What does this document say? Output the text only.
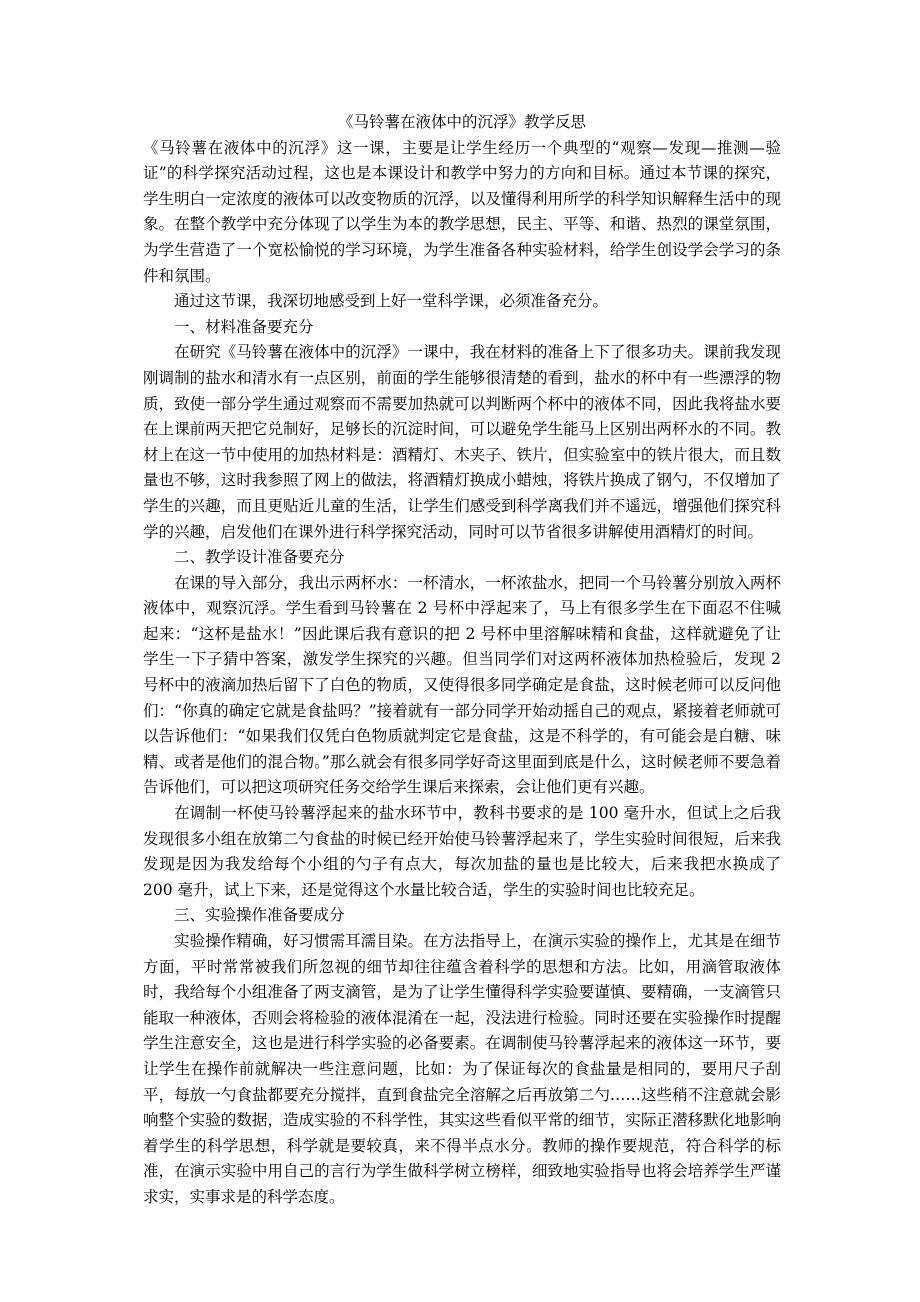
《马铃薯在液体中的沉浮》教学反思

《马铃薯在液体中的沉浮》这一课，主要是让学生经历一个典型的“观察—发现—推测—验证”的科学探究活动过程，这也是本课设计和教学中努力的方向和目标。通过本节课的探究，学生明白一定浓度的液体可以改变物质的沉浮，以及懂得利用所学的科学知识解释生活中的现象。在整个教学中充分体现了以学生为本的教学思想，民主、平等、和谐、热烈的课堂氛围，为学生营造了一个宽松愉悦的学习环境，为学生准备各种实验材料，给学生创设学会学习的条件和氛围。

通过这节课，我深切地感受到上好一堂科学课，必须准备充分。

一、材料准备要充分

在研究《马铃薯在液体中的沉浮》一课中，我在材料的准备上下了很多功夫。课前我发现刚调制的盐水和清水有一点区别，前面的学生能够很清楚的看到，盐水的杯中有一些漂浮的物质，致使一部分学生通过观察而不需要加热就可以判断两个杯中的液体不同，因此我将盐水要在上课前两天把它兑制好，足够长的沉淀时间，可以避免学生能马上区别出两杯水的不同。教材上在这一节中使用的加热材料是：酒精灯、木夹子、铁片，但实验室中的铁片很大，而且数量也不够，这时我参照了网上的做法，将酒精灯换成小蜡烛，将铁片换成了钢勺，不仅增加了学生的兴趣，而且更贴近儿童的生活，让学生们感受到科学离我们并不遥远，增强他们探究科学的兴趣，启发他们在课外进行科学探究活动，同时可以节省很多讲解使用酒精灯的时间。

二、教学设计准备要充分

在课的导入部分，我出示两杯水：一杯清水，一杯浓盐水，把同一个马铃薯分别放入两杯液体中，观察沉浮。学生看到马铃薯在 2 号杯中浮起来了，马上有很多学生在下面忍不住喊起来：“这杯是盐水！”因此课后我有意识的把 2 号杯中里溶解味精和食盐，这样就避免了让学生一下子猜中答案，激发学生探究的兴趣。但当同学们对这两杯液体加热检验后，发现 2 号杯中的液滴加热后留下了白色的物质，又使得很多同学确定是食盐，这时候老师可以反问他们：“你真的确定它就是食盐吗？”接着就有一部分同学开始动摇自己的观点，紧接着老师就可以告诉他们：“如果我们仅凭白色物质就判定它是食盐，这是不科学的，有可能会是白糖、味精、或者是他们的混合物。”那么就会有很多同学好奇这里面到底是什么，这时候老师不要急着告诉他们，可以把这项研究任务交给学生课后来探索，会让他们更有兴趣。

在调制一杯使马铃薯浮起来的盐水环节中，教科书要求的是 100 毫升水，但试上之后我发现很多小组在放第二勺食盐的时候已经开始使马铃薯浮起来了，学生实验时间很短，后来我发现是因为我发给每个小组的勺子有点大，每次加盐的量也是比较大，后来我把水换成了 200 毫升，试上下来，还是觉得这个水量比较合适，学生的实验时间也比较充足。

三、实验操作准备要成分

实验操作精确，好习惯需耳濡目染。在方法指导上，在演示实验的操作上，尤其是在细节方面，平时常常被我们所忽视的细节却往往蕴含着科学的思想和方法。比如，用滴管取液体时，我给每个小组准备了两支滴管，是为了让学生懂得科学实验要谨慎、要精确，一支滴管只能取一种液体，否则会将检验的液体混淆在一起，没法进行检验。同时还要在实验操作时提醒学生注意安全，这也是进行科学实验的必备要素。在调制使马铃薯浮起来的液体这一环节，要让学生在操作前就解决一些注意问题，比如：为了保证每次的食盐量是相同的，要用尺子刮平，每放一勺食盐都要充分搅拌，直到食盐完全溶解之后再放第二勺……这些稍不注意就会影响整个实验的数据，造成实验的不科学性，其实这些看似平常的细节，实际正潜移默化地影响着学生的科学思想，科学就是要较真，来不得半点水分。教师的操作要规范，符合科学的标准，在演示实验中用自己的言行为学生做科学树立榜样，细致地实验指导也将会培养学生严谨求实，实事求是的科学态度。
